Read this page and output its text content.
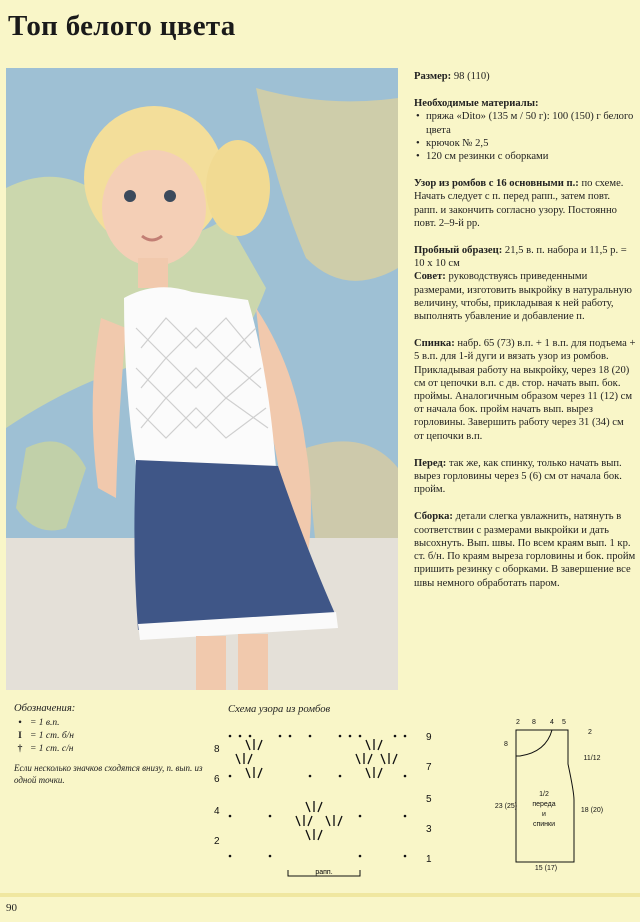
Топ белого цвета

Размер: 98 (110)

Необходимые материалы:

• пряжа «Dito» (135 м / 50 г): 100 (150) г белого цвета
• крючок № 2,5
• 120 см резинки с оборками

Узор из ромбов с 16 основными п.: по схеме. Начать следует с п. перед рапп., затем повт. рапп. и закончить согласно узору. Постоянно повт. 2–9-й рр.

Пробный образец: 21,5 в. п. набора и 11,5 р. = 10 х 10 см

Совет: руководствуясь приведенными размерами, изготовить выкройку в натуральную величину, чтобы, прикладывая к ней работу, выполнять убавление и добавление п.

Спинка: набр. 65 (73) в.п. + 1 в.п. для подъема + 5 в.п. для 1-й дуги и вязать узор из ромбов. Прикладывая работу на выкройку, через 18 (20) см от цепочки в.п. с дв. стор. начать вып. бок. проймы. Аналогичным образом через 11 (12) см от начала бок. пройм начать вып. вырез горловины. Завершить работу через 31 (34) см от цепочки в.п.

Перед: так же, как спинку, только начать вып. вырез горловины через 5 (6) см от начала бок. пройм.

Сборка: детали слегка увлажнить, натянуть в соответствии с размерами выкройки и дать высохнуть. Вып. швы. По всем краям вып. 1 кр. ст. б/н. По краям выреза горловины и бок. пройм пришить резинку с оборками. В завершение все швы немного обработать паром.

Обозначения:
• = 1 в.п.
I = 1 ст. б/н
† = 1 ст. с/н
Если несколько значков сходятся внизу, п. вып. из одной точки.
Схема узора из ромбов
рапп.
8
6
4
2
9
7
5
3
1
2 8 4 5
2
8
11/12
1/2
переда
и
спинки
23 (25)
18 (20)
15 (17)
90
